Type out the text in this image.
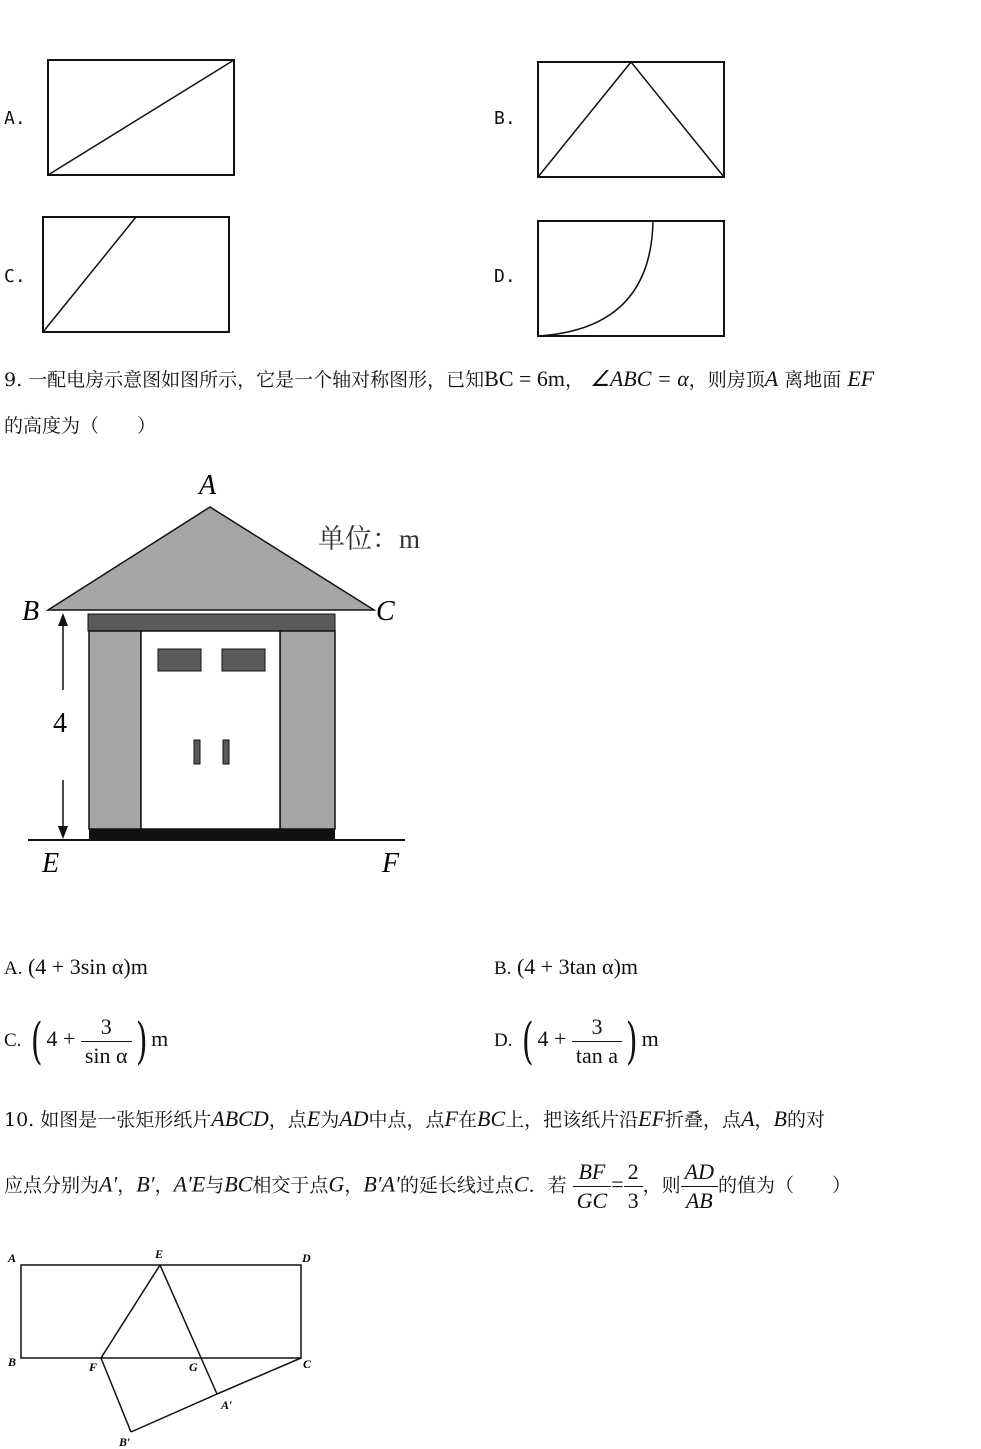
A.	B.
C.	D.
9. 一配电房示意图如图所示，它是一个轴对称图形，已知BC = 6m， ∠ABC = α，则房顶A 离地面 EF
的高度为（　　）
4
A
B	C
E	F
单位：m
A. (4 + 3sin α)m	B. (4 + 3tan α)m
C. ( $4 + \frac{3}{\text{sin α}}$ ) m	D. ( $4 + \frac{3}{\text{tan a}}$ ) m
10. 如图是一张矩形纸片ABCD，点E为AD中点，点F在BC上，把该纸片沿EF折叠，点A，B的对
应点分别为A′，B′，A′E与BC相交于点G，B′A′的延长线过点C．若 $\frac{BF}{GC} = \frac{2}{3}$ ，则 $\frac{AD}{AB}$ 的值为（　　）
A	E	D
B	F	G	C
A′
B′
